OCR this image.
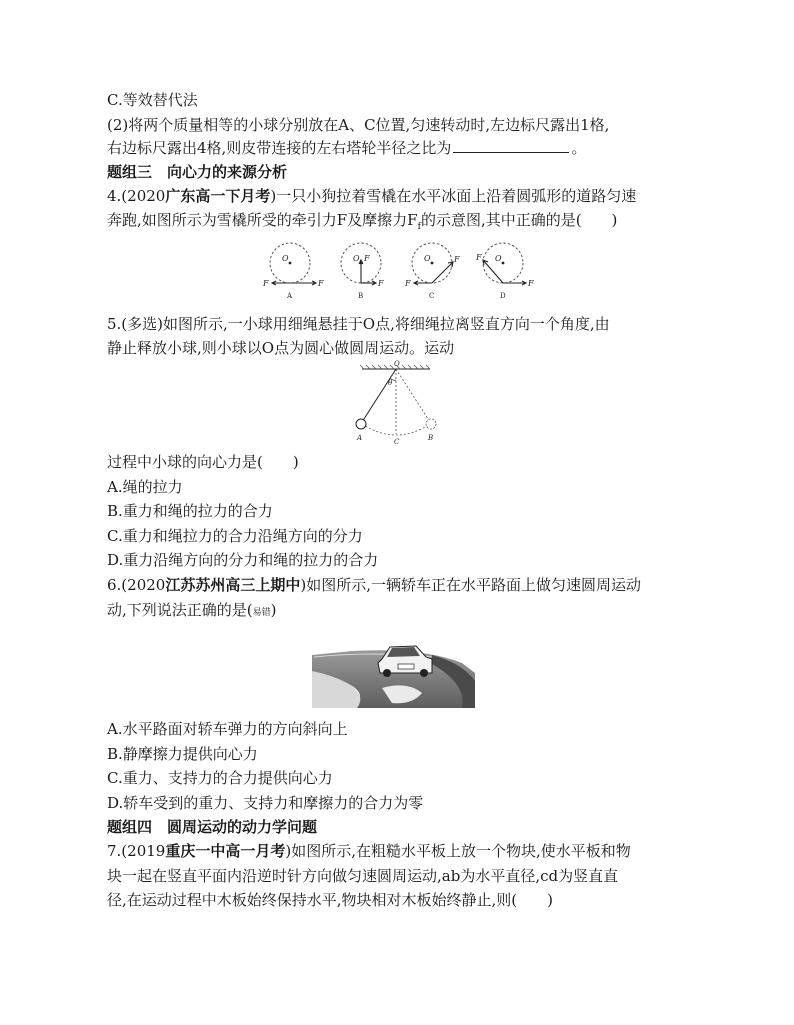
C.等效替代法
(2)将两个质量相等的小球分别放在A、C位置,匀速转动时,左边标尺露出1格,
右边标尺露出4格,则皮带连接的左右塔轮半径之比为	。
题组三　向心力的来源分析
4.(2020广东高一下月考)一只小狗拉着雪橇在水平冰面上沿着圆弧形的道路匀速
奔跑,如图所示为雪橇所受的牵引力F及摩擦力$F_f$的示意图,其中正确的是(　　)
O	O	O	O
F
F
F
F
F
F
F
F
A	B	C	D
5.(多选)如图所示,一小球用细绳悬挂于O点,将细绳拉离竖直方向一个角度,由
静止释放小球,则小球以O点为圆心做圆周运动。运动
O
θ
A	C	B
过程中小球的向心力是(　　)
A.绳的拉力
B.重力和绳的拉力的合力
C.重力和绳拉力的合力沿绳方向的分力
D.重力沿绳方向的分力和绳的拉力的合力
6.(2020江苏苏州高三上期中)如图所示,一辆轿车正在水平路面上做匀速圆周运动
动,下列说法正确的是(易错)
A.水平路面对轿车弹力的方向斜向上
B.静摩擦力提供向心力
C.重力、支持力的合力提供向心力
D.轿车受到的重力、支持力和摩擦力的合力为零
题组四　圆周运动的动力学问题
7.(2019重庆一中高一月考)如图所示,在粗糙水平板上放一个物块,使水平板和物
块一起在竖直平面内沿逆时针方向做匀速圆周运动,ab为水平直径,cd为竖直直
径,在运动过程中木板始终保持水平,物块相对木板始终静止,则(　　)
